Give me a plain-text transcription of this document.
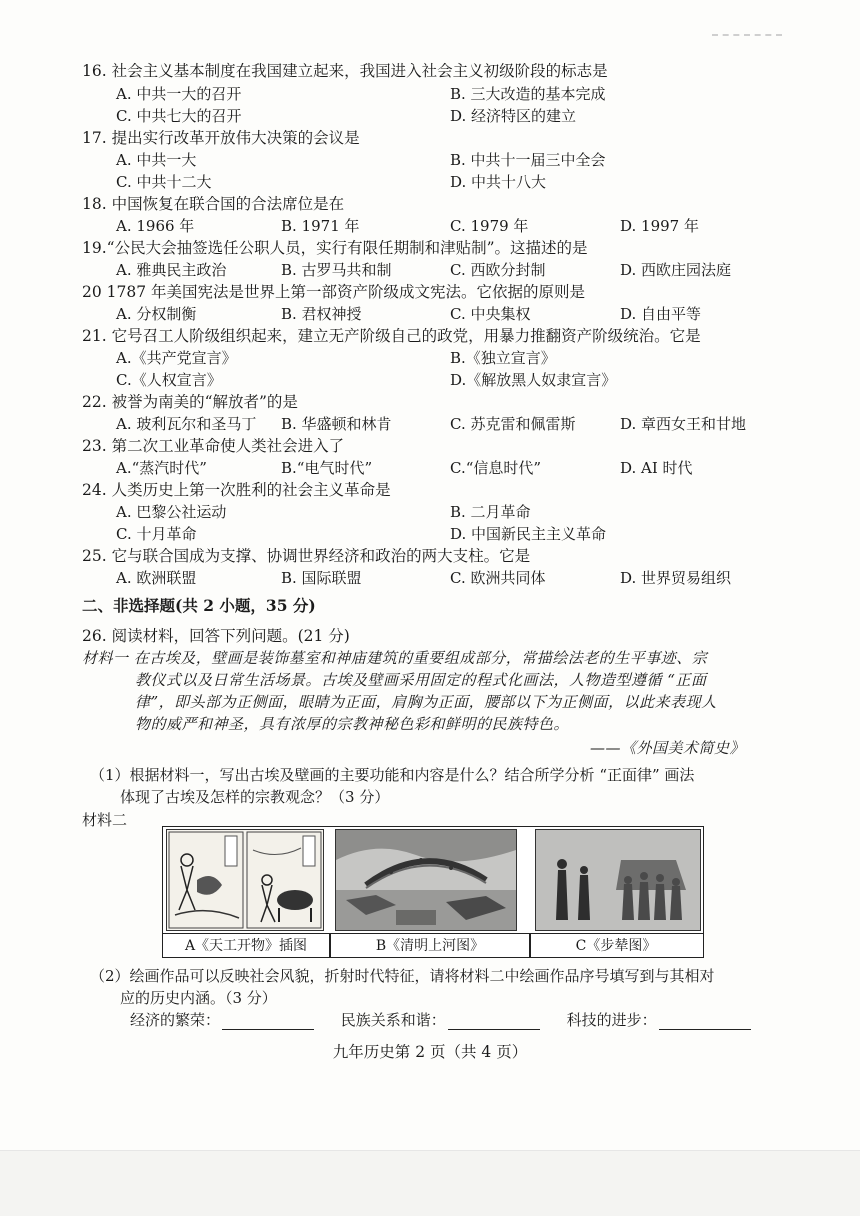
16. 社会主义基本制度在我国建立起来，我国进入社会主义初级阶段的标志是
A. 中共一大的召开	B. 三大改造的基本完成
C. 中共七大的召开	D. 经济特区的建立
17. 提出实行改革开放伟大决策的会议是
A. 中共一大	B. 中共十一届三中全会
C. 中共十二大	D. 中共十八大
18. 中国恢复在联合国的合法席位是在
A. 1966 年	B. 1971 年	C. 1979 年	D. 1997 年
19.“公民大会抽签选任公职人员，实行有限任期制和津贴制”。这描述的是
A. 雅典民主政治	B. 古罗马共和制	C. 西欧分封制	D. 西欧庄园法庭
20 1787 年美国宪法是世界上第一部资产阶级成文宪法。它依据的原则是
A. 分权制衡	B. 君权神授	C. 中央集权	D. 自由平等
21. 它号召工人阶级组织起来，建立无产阶级自己的政党，用暴力推翻资产阶级统治。它是
A.《共产党宣言》	B.《独立宣言》
C.《人权宣言》	D.《解放黑人奴隶宣言》
22. 被誉为南美的“解放者”的是
A. 玻利瓦尔和圣马丁 B. 华盛顿和林肯	C. 苏克雷和佩雷斯	D. 章西女王和甘地
23. 第二次工业革命使人类社会进入了
A.“蒸汽时代”	B.“电气时代”	C.“信息时代”	D. AI 时代
24. 人类历史上第一次胜利的社会主义革命是
A. 巴黎公社运动	B. 二月革命
C. 十月革命	D. 中国新民主主义革命
25. 它与联合国成为支撑、协调世界经济和政治的两大支柱。它是
A. 欧洲联盟	B. 国际联盟	C. 欧洲共同体	D. 世界贸易组织
二、非选择题(共 2 小题，35 分)
26. 阅读材料，回答下列问题。(21 分)
材料一 在古埃及，壁画是装饰墓室和神庙建筑的重要组成部分，常描绘法老的生平事迹、宗
教仪式以及日常生活场景。古埃及壁画采用固定的程式化画法，人物造型遵循 “正面
律”，即头部为正侧面，眼睛为正面，肩胸为正面，腰部以下为正侧面，以此来表现人
物的威严和神圣，具有浓厚的宗教神秘色彩和鲜明的民族特色。
——《外国美术简史》
（1）根据材料一，写出古埃及壁画的主要功能和内容是什么？结合所学分析 “正面律” 画法
体现了古埃及怎样的宗教观念？（3 分）
材料二
A《天工开物》插图	B《清明上河图》	C《步辇图》
（2）绘画作品可以反映社会风貌，折射时代特征，请将材料二中绘画作品序号填写到与其相对
应的历史内涵。（3 分）
经济的繁荣：	民族关系和谐：	科技的进步：
九年历史第 2 页（共 4 页）
